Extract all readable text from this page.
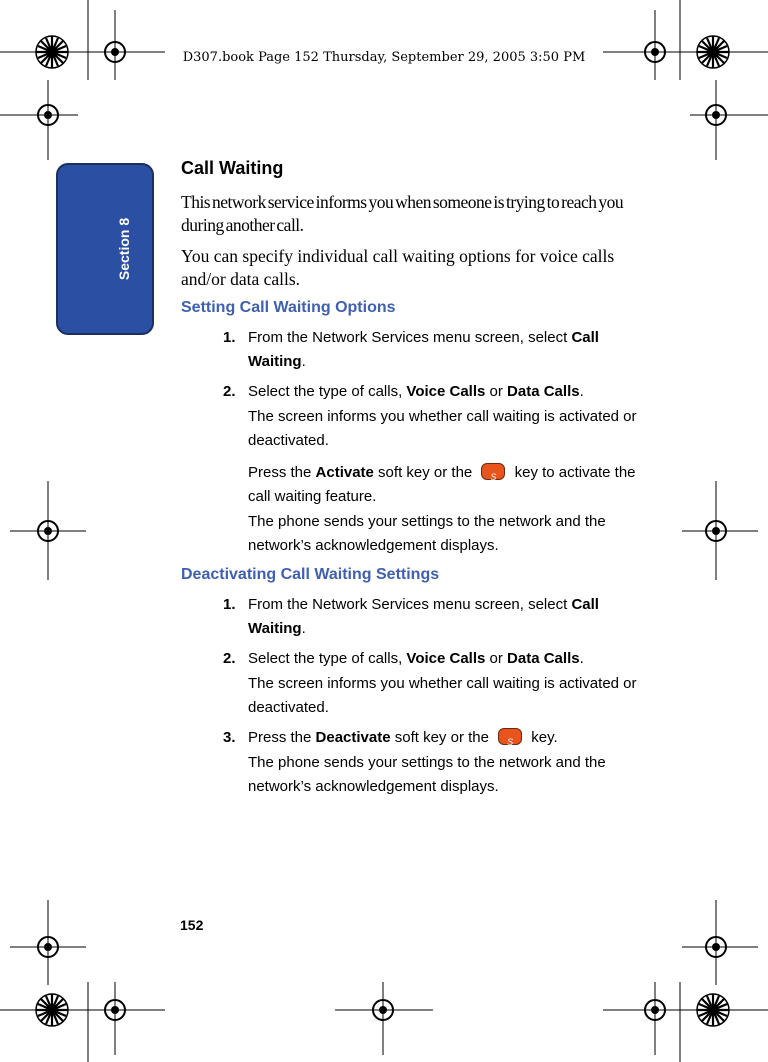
D307.book Page 152 Thursday, September 29, 2005 3:50 PM
Section 8
Call Waiting

This network service informs you when someone is trying to reach you during another call.

You can specify individual call waiting options for voice calls and/or data calls.

Setting Call Waiting Options
1. From the Network Services menu screen, select Call Waiting.
2. Select the type of calls, Voice Calls or Data Calls.
The screen informs you whether call waiting is activated or deactivated.
Press the Activate soft key or the S key to activate the call waiting feature.
The phone sends your settings to the network and the network’s acknowledgement displays.
Deactivating Call Waiting Settings
1. From the Network Services menu screen, select Call Waiting.
2. Select the type of calls, Voice Calls or Data Calls.
The screen informs you whether call waiting is activated or deactivated.
3. Press the Deactivate soft key or the S key.
The phone sends your settings to the network and the network’s acknowledgement displays.
152
